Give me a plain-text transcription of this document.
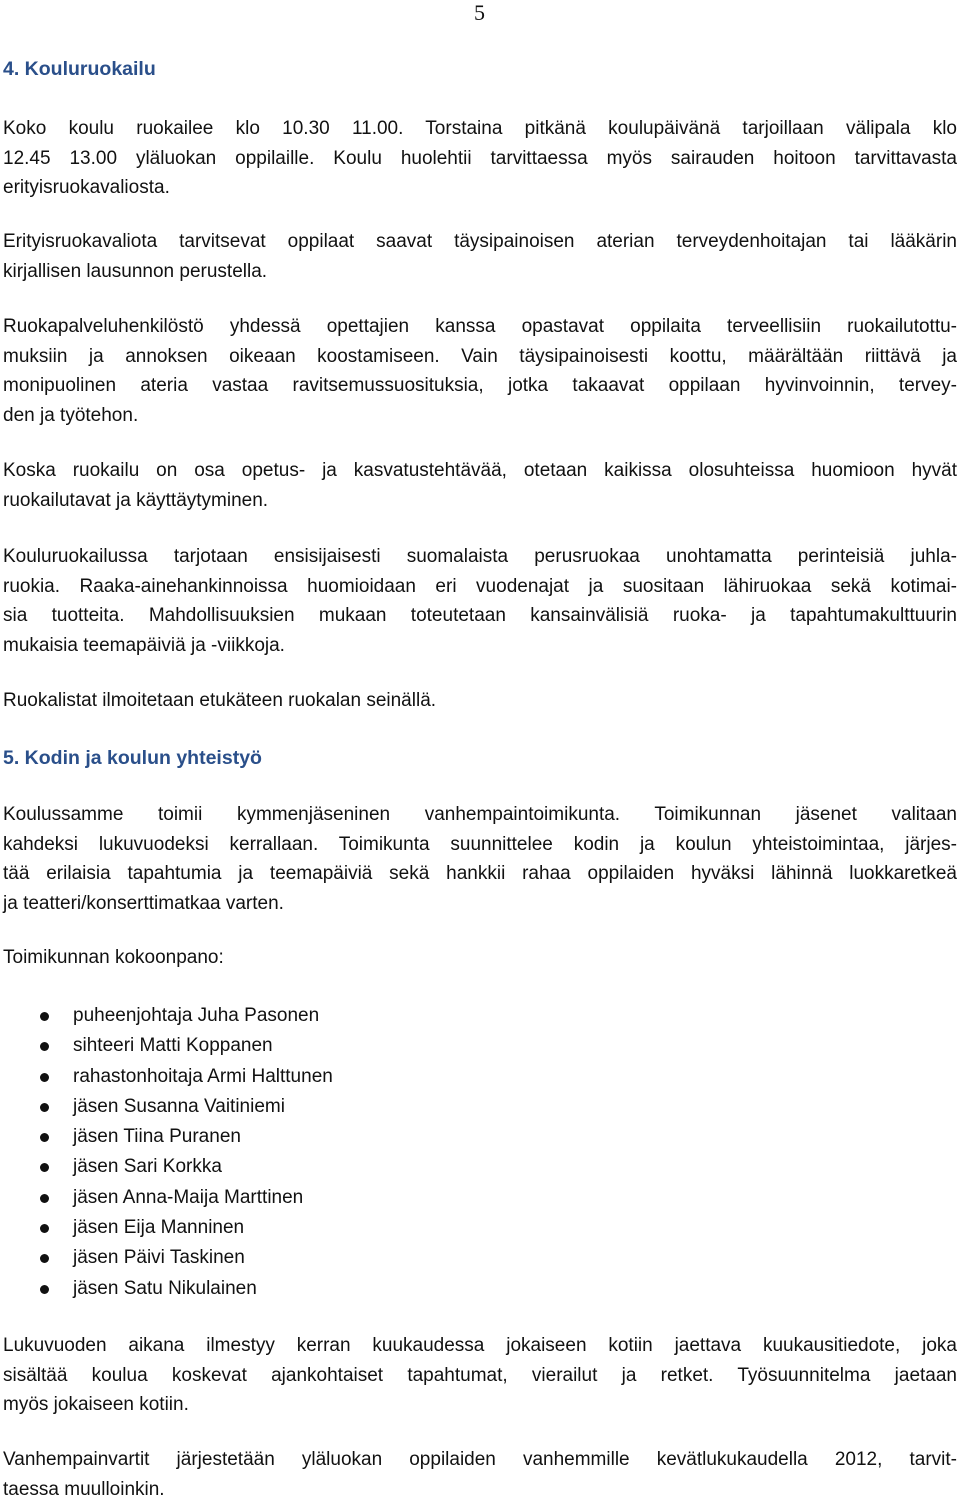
5
4. Kouluruokailu
Koko koulu ruokailee klo 10.30 11.00. Torstaina pitkänä koulupäivänä tarjoillaan välipala klo
12.45 13.00 yläluokan oppilaille. Koulu huolehtii tarvittaessa myös sairauden hoitoon tarvittavasta
erityisruokavaliosta.
Erityisruokavaliota tarvitsevat oppilaat saavat täysipainoisen aterian terveydenhoitajan tai lääkärin
kirjallisen lausunnon perustella.
Ruokapalveluhenkilöstö yhdessä opettajien kanssa opastavat oppilaita terveellisiin ruokailutottu-
muksiin ja annoksen oikeaan koostamiseen. Vain täysipainoisesti koottu, määrältään riittävä ja
monipuolinen ateria vastaa ravitsemussuosituksia, jotka takaavat oppilaan hyvinvoinnin, tervey-
den ja työtehon.
Koska ruokailu on osa opetus- ja kasvatustehtävää, otetaan kaikissa olosuhteissa huomioon hyvät
ruokailutavat ja käyttäytyminen.
Kouluruokailussa tarjotaan ensisijaisesti suomalaista perusruokaa unohtamatta perinteisiä juhla-
ruokia. Raaka-ainehankinnoissa huomioidaan eri vuodenajat ja suositaan lähiruokaa sekä kotimai-
sia tuotteita. Mahdollisuuksien mukaan toteutetaan kansainvälisiä ruoka- ja tapahtumakulttuurin
mukaisia teemapäiviä ja -viikkoja.
Ruokalistat ilmoitetaan etukäteen ruokalan seinällä.
5. Kodin ja koulun yhteistyö
Koulussamme toimii kymmenjäseninen vanhempaintoimikunta. Toimikunnan jäsenet valitaan
kahdeksi lukuvuodeksi kerrallaan. Toimikunta suunnittelee kodin ja koulun yhteistoimintaa, järjes-
tää erilaisia tapahtumia ja teemapäiviä sekä hankkii rahaa oppilaiden hyväksi lähinnä luokkaretkeä
ja teatteri/konserttimatkaa varten.
Toimikunnan kokoonpano:
puheenjohtaja Juha Pasonen
sihteeri Matti Koppanen
rahastonhoitaja Armi Halttunen
jäsen Susanna Vaitiniemi
jäsen Tiina Puranen
jäsen Sari Korkka
jäsen Anna-Maija Marttinen
jäsen Eija Manninen
jäsen Päivi Taskinen
jäsen Satu Nikulainen
Lukuvuoden aikana ilmestyy kerran kuukaudessa jokaiseen kotiin jaettava kuukausitiedote, joka
sisältää koulua koskevat ajankohtaiset tapahtumat, vierailut ja retket. Työsuunnitelma jaetaan
myös jokaiseen kotiin.
Vanhempainvartit järjestetään yläluokan oppilaiden vanhemmille kevätlukukaudella 2012, tarvit-
taessa muulloinkin.
